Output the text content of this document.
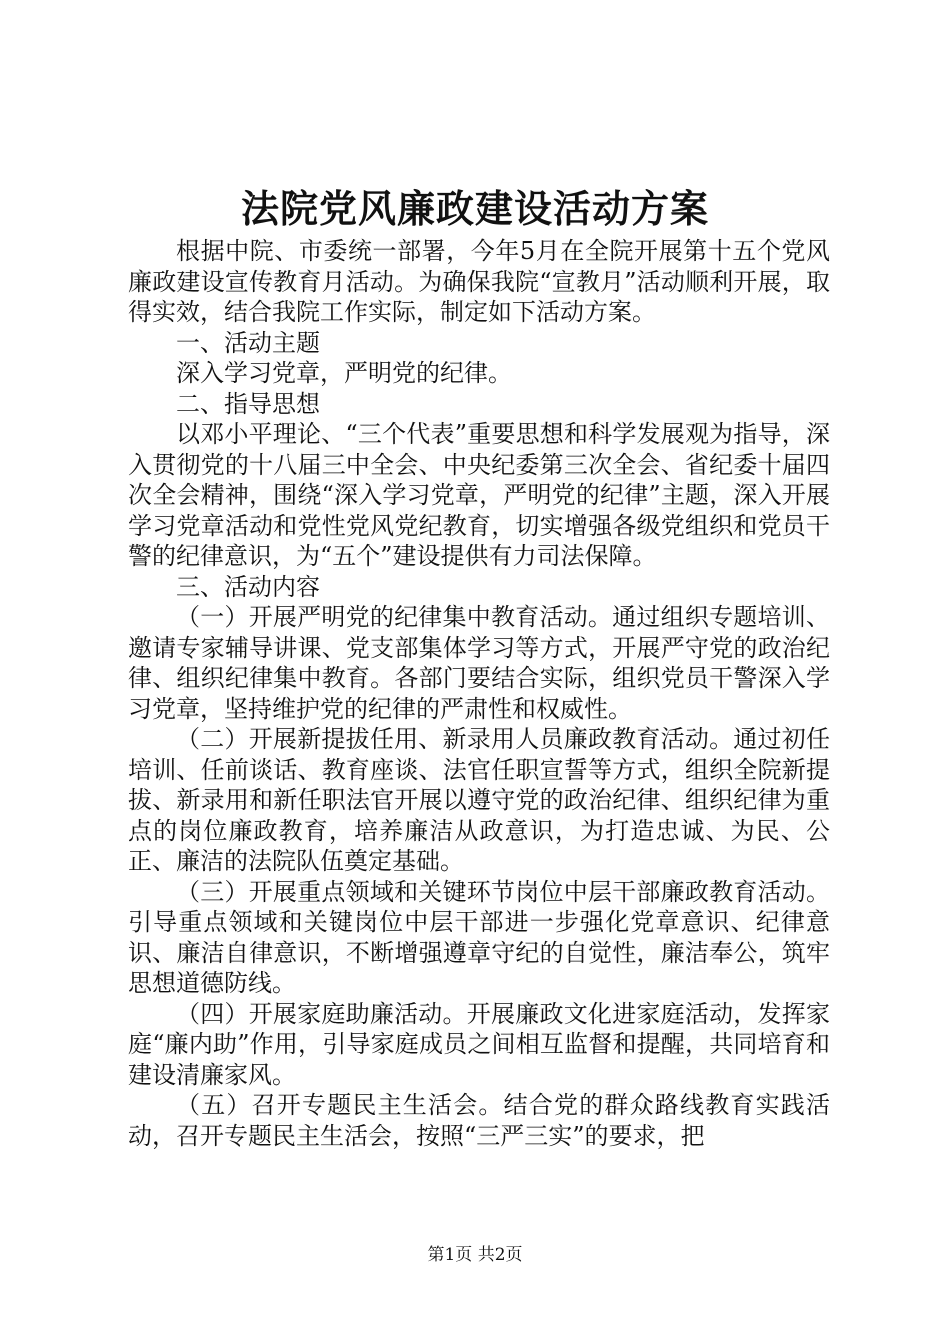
法院党风廉政建设活动方案

根据中院、市委统一部署，今年5月在全院开展第十五个党风廉政建设宣传教育月活动。为确保我院“宣教月”活动顺利开展，取得实效，结合我院工作实际，制定如下活动方案。

一、活动主题

深入学习党章，严明党的纪律。

二、指导思想

以邓小平理论、“三个代表”重要思想和科学发展观为指导，深入贯彻党的十八届三中全会、中央纪委第三次全会、省纪委十届四次全会精神，围绕“深入学习党章，严明党的纪律”主题，深入开展学习党章活动和党性党风党纪教育，切实增强各级党组织和党员干警的纪律意识，为“五个”建设提供有力司法保障。

三、活动内容

（一）开展严明党的纪律集中教育活动。通过组织专题培训、邀请专家辅导讲课、党支部集体学习等方式，开展严守党的政治纪律、组织纪律集中教育。各部门要结合实际，组织党员干警深入学习党章，坚持维护党的纪律的严肃性和权威性。

（二）开展新提拔任用、新录用人员廉政教育活动。通过初任培训、任前谈话、教育座谈、法官任职宣誓等方式，组织全院新提拔、新录用和新任职法官开展以遵守党的政治纪律、组织纪律为重点的岗位廉政教育，培养廉洁从政意识，为打造忠诚、为民、公正、廉洁的法院队伍奠定基础。

（三）开展重点领域和关键环节岗位中层干部廉政教育活动。引导重点领域和关键岗位中层干部进一步强化党章意识、纪律意识、廉洁自律意识，不断增强遵章守纪的自觉性，廉洁奉公，筑牢思想道德防线。

（四）开展家庭助廉活动。开展廉政文化进家庭活动，发挥家庭“廉内助”作用，引导家庭成员之间相互监督和提醒，共同培育和建设清廉家风。

（五）召开专题民主生活会。结合党的群众路线教育实践活动，召开专题民主生活会，按照“三严三实”的要求，把

第1页 共2页
